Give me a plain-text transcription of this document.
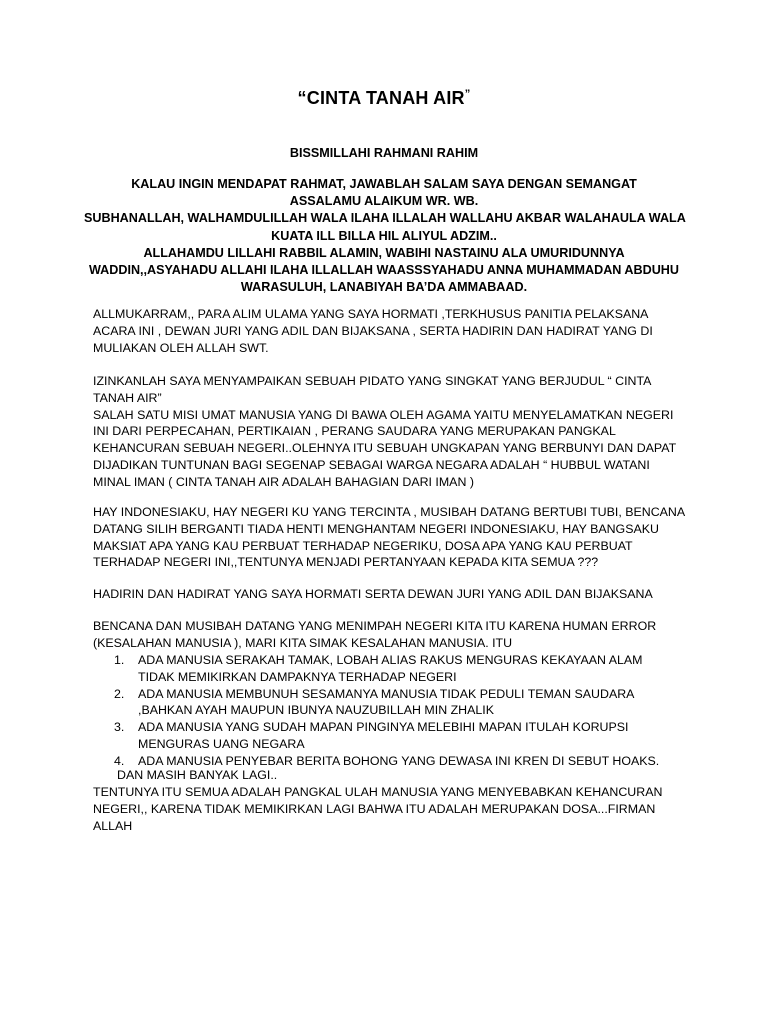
“CINTA TANAH AIR”
BISSMILLAHI RAHMANI RAHIM
KALAU INGIN MENDAPAT RAHMAT, JAWABLAH SALAM SAYA DENGAN SEMANGAT
ASSALAMU ALAIKUM WR. WB.
SUBHANALLAH, WALHAMDULILLAH WALA ILAHA ILLALAH WALLAHU AKBAR WALAHAULA WALA
KUATA ILL BILLA HIL ALIYUL ADZIM..
ALLAHAMDU LILLAHI RABBIL ALAMIN, WABIHI NASTAINU ALA UMURIDUNNYA
WADDIN,,ASYAHADU ALLAHI ILAHA ILLALLAH WAASSSYAHADU ANNA MUHAMMADAN ABDUHU
WARASULUH, LANABIYAH BA’DA AMMABAAD.
ALLMUKARRAM,, PARA ALIM ULAMA YANG SAYA HORMATI ,TERKHUSUS PANITIA PELAKSANA
ACARA INI , DEWAN JURI YANG ADIL DAN BIJAKSANA , SERTA HADIRIN DAN HADIRAT YANG DI
MULIAKAN OLEH ALLAH SWT.
IZINKANLAH SAYA MENYAMPAIKAN SEBUAH PIDATO YANG SINGKAT YANG BERJUDUL “ CINTA
TANAH AIR”
SALAH SATU MISI UMAT MANUSIA YANG DI BAWA OLEH AGAMA YAITU MENYELAMATKAN NEGERI
INI DARI PERPECAHAN, PERTIKAIAN , PERANG SAUDARA YANG MERUPAKAN PANGKAL
KEHANCURAN SEBUAH NEGERI..OLEHNYA ITU SEBUAH UNGKAPAN YANG BERBUNYI DAN DAPAT
DIJADIKAN TUNTUNAN BAGI SEGENAP SEBAGAI WARGA NEGARA ADALAH “ HUBBUL WATANI
MINAL IMAN ( CINTA TANAH AIR ADALAH BAHAGIAN DARI IMAN )
HAY INDONESIAKU, HAY NEGERI KU YANG TERCINTA , MUSIBAH DATANG BERTUBI TUBI, BENCANA
DATANG SILIH BERGANTI TIADA HENTI MENGHANTAM NEGERI INDONESIAKU, HAY BANGSAKU
MAKSIAT APA YANG KAU PERBUAT TERHADAP NEGERIKU, DOSA APA YANG KAU PERBUAT
TERHADAP NEGERI INI,,TENTUNYA MENJADI PERTANYAAN KEPADA KITA SEMUA ???
HADIRIN DAN HADIRAT YANG SAYA HORMATI SERTA DEWAN JURI YANG ADIL DAN BIJAKSANA
BENCANA DAN MUSIBAH DATANG YANG MENIMPAH NEGERI KITA ITU KARENA HUMAN ERROR
(KESALAHAN MANUSIA ), MARI KITA SIMAK KESALAHAN MANUSIA. ITU
1. ADA MANUSIA SERAKAH TAMAK, LOBAH ALIAS RAKUS MENGURAS KEKAYAAN ALAM
TIDAK MEMIKIRKAN DAMPAKNYA TERHADAP NEGERI
2. ADA MANUSIA MEMBUNUH SESAMANYA MANUSIA TIDAK PEDULI TEMAN SAUDARA
,BAHKAN AYAH MAUPUN IBUNYA NAUZUBILLAH MIN ZHALIK
3. ADA MANUSIA YANG SUDAH MAPAN PINGINYA MELEBIHI MAPAN ITULAH KORUPSI
MENGURAS UANG NEGARA
4. ADA MANUSIA PENYEBAR BERITA BOHONG YANG DEWASA INI KREN DI SEBUT HOAKS.
DAN MASIH BANYAK LAGI..
TENTUNYA ITU SEMUA ADALAH PANGKAL ULAH MANUSIA YANG MENYEBABKAN KEHANCURAN
NEGERI,, KARENA TIDAK MEMIKIRKAN LAGI BAHWA ITU ADALAH MERUPAKAN DOSA...FIRMAN
ALLAH
